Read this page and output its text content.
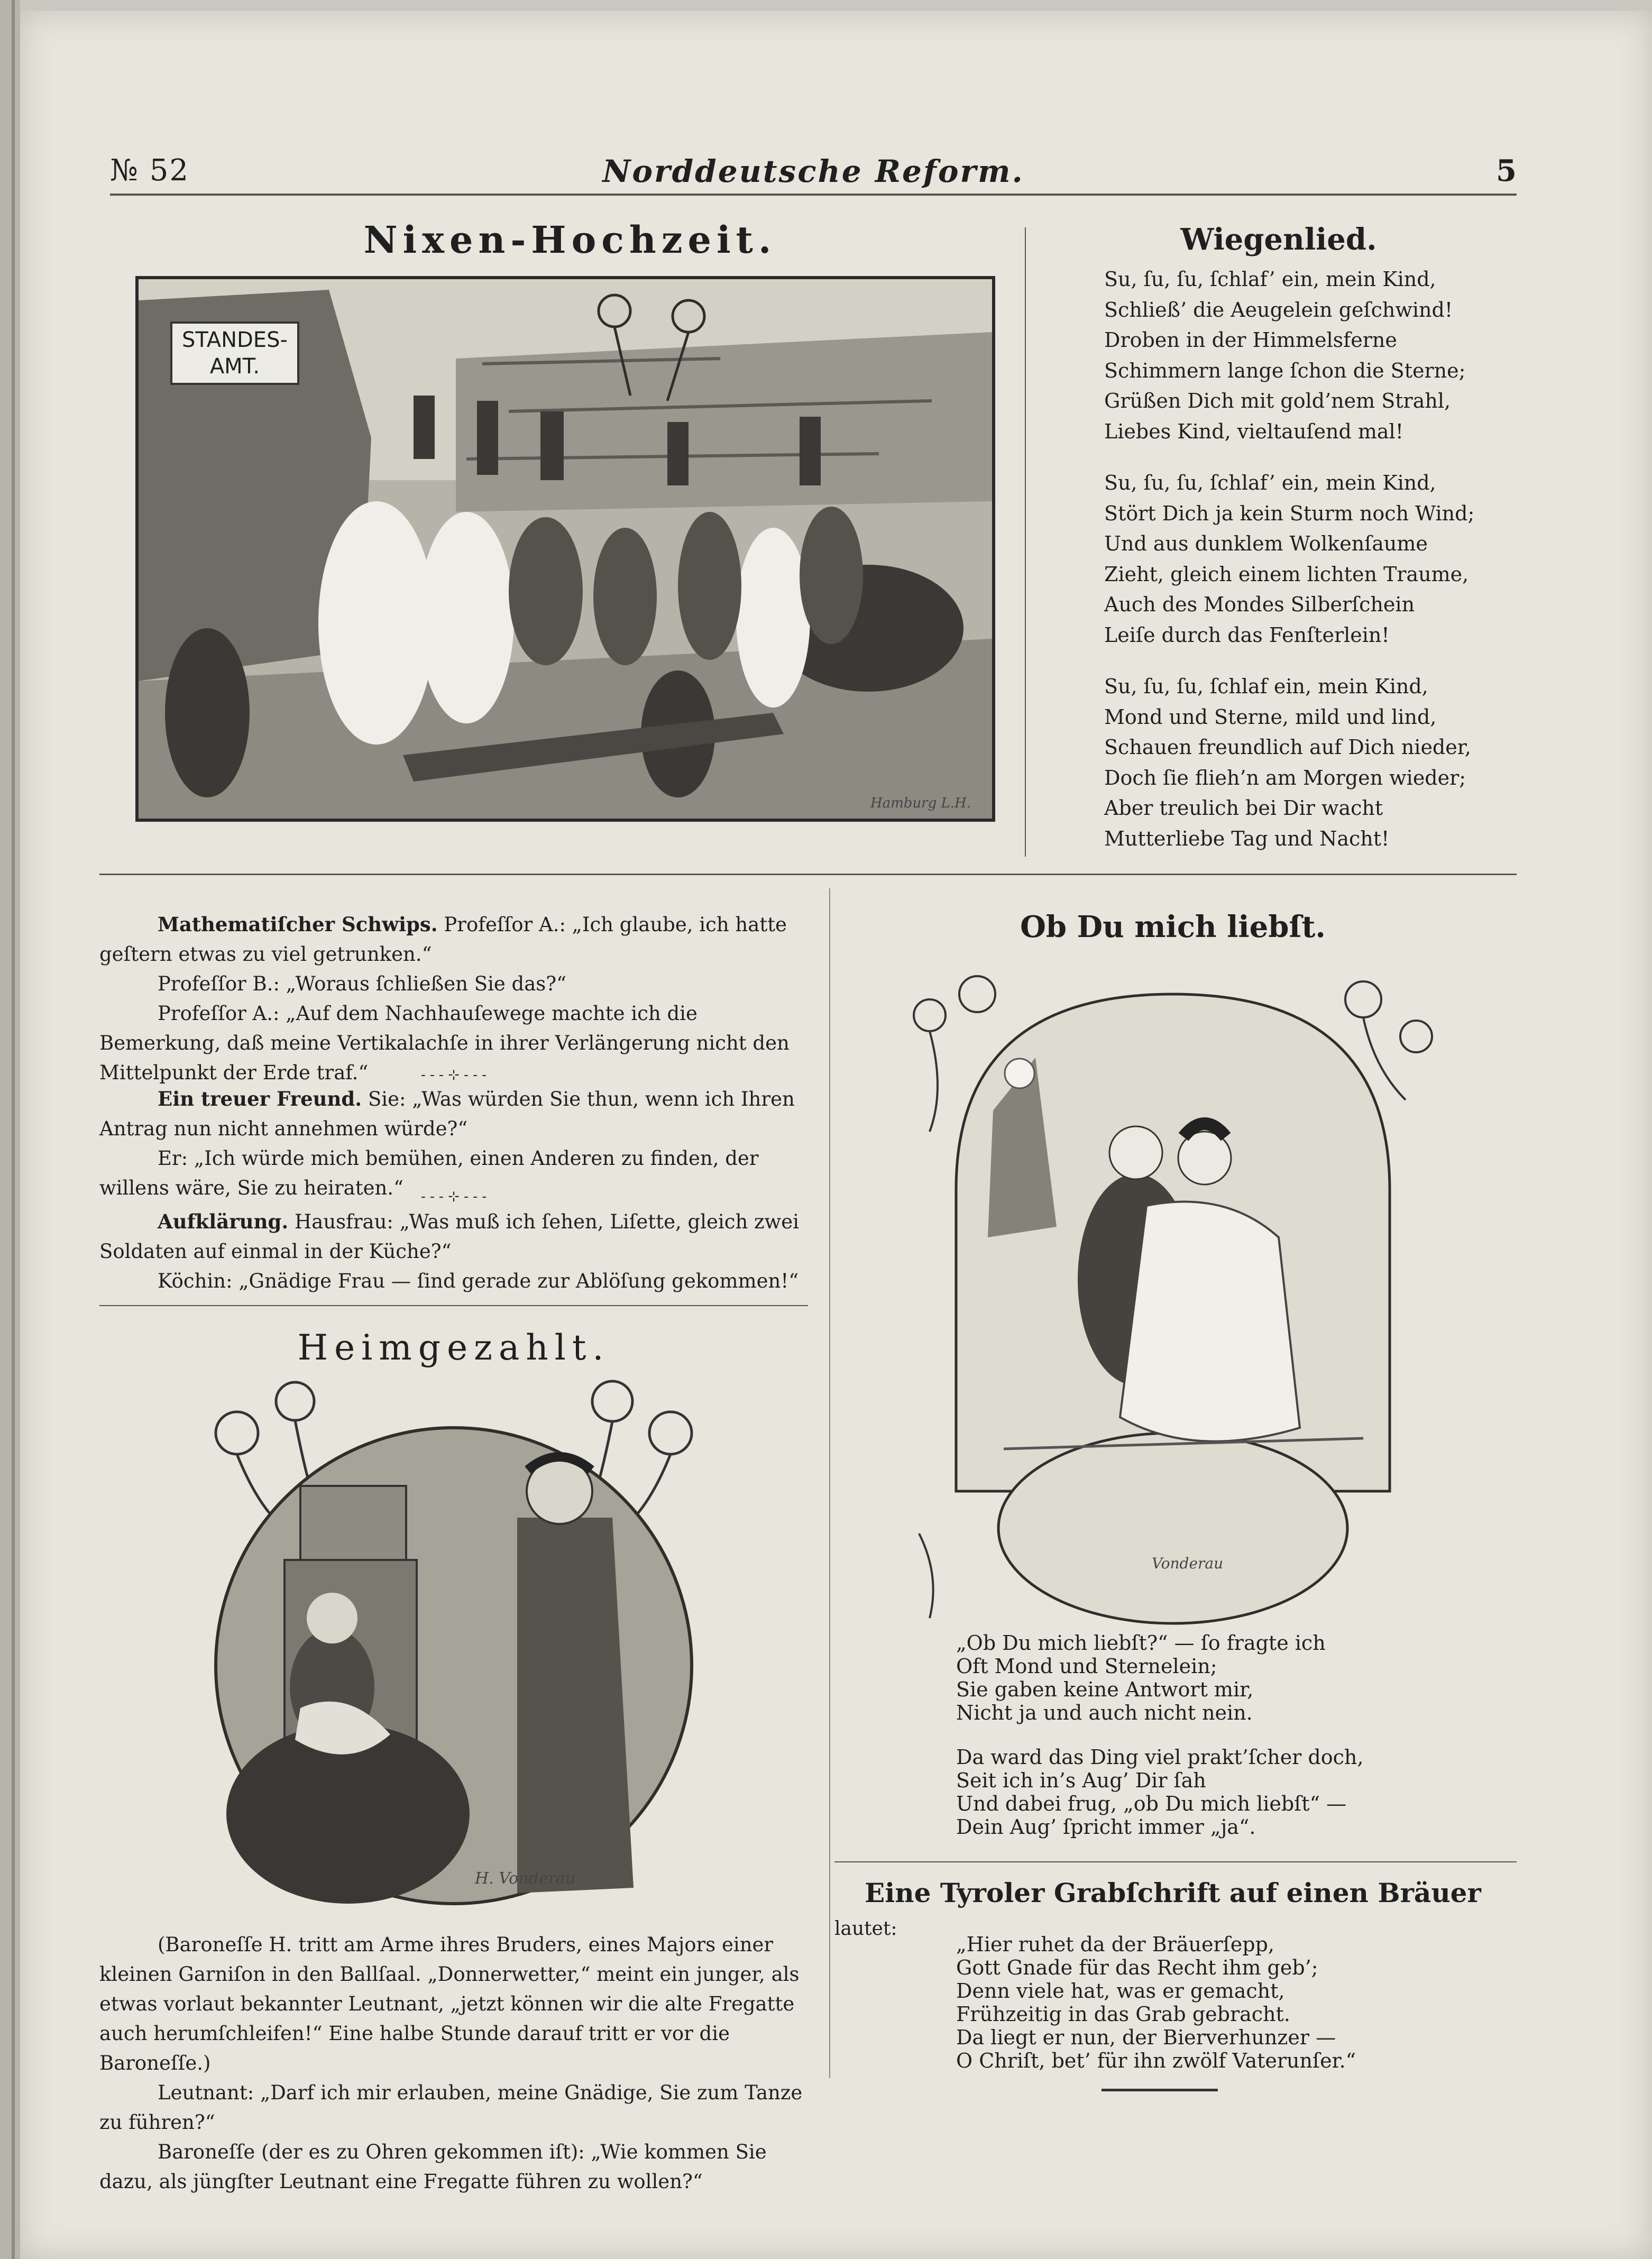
№ 52	Norddeutsche Reform.	5
Nixen-Hochzeit.
STANDES-
AMT.
Hamburg L.H.
Wiegenlied.
Su, ſu, ſu, ſchlaf’ ein, mein Kind,
Schließ’ die Aeugelein geſchwind!
Droben in der Himmelsferne
Schimmern lange ſchon die Sterne;
Grüßen Dich mit gold’nem Strahl,
Liebes Kind, vieltauſend mal!
Su, ſu, ſu, ſchlaf’ ein, mein Kind,
Stört Dich ja kein Sturm noch Wind;
Und aus dunklem Wolkenſaume
Zieht, gleich einem lichten Traume,
Auch des Mondes Silberſchein
Leiſe durch das Fenſterlein!
Su, ſu, ſu, ſchlaf ein, mein Kind,
Mond und Sterne, mild und lind,
Schauen freundlich auf Dich nieder,
Doch ſie flieh’n am Morgen wieder;
Aber treulich bei Dir wacht
Mutterliebe Tag und Nacht!

Mathematiſcher Schwips. Profeſſor A.: „Ich glaube, ich hatte geſtern etwas zu viel getrunken.“

Profeſſor B.: „Woraus ſchließen Sie das?“

Profeſſor A.: „Auf dem Nachhauſewege machte ich die Bemerkung, daß meine Vertikalachſe in ihrer Verlängerung nicht den Mittelpunkt der Erde traf.“	- - - ⊹ - - -

Ein treuer Freund. Sie: „Was würden Sie thun, wenn ich Ihren Antrag nun nicht annehmen würde?“

Er: „Ich würde mich bemühen, einen Anderen zu finden, der willens wäre, Sie zu heiraten.“	- - - ⊹ - - -

Aufklärung. Hausfrau: „Was muß ich ſehen, Liſette, gleich zwei Soldaten auf einmal in der Küche?“

Köchin: „Gnädige Frau — ſind gerade zur Ablöſung gekommen!“

Heimgezahlt.
H. Vonderau

(Baroneſſe H. tritt am Arme ihres Bruders, eines Majors einer kleinen Garniſon in den Ballſaal. „Donnerwetter,“ meint ein junger, als etwas vorlaut bekannter Leutnant, „jetzt können wir die alte Fregatte auch herumſchleifen!“ Eine halbe Stunde darauf tritt er vor die Baroneſſe.)

Leutnant: „Darf ich mir erlauben, meine Gnädige, Sie zum Tanze zu führen?“

Baroneſſe (der es zu Ohren gekommen iſt): „Wie kommen Sie dazu, als jüngſter Leutnant eine Fregatte führen zu wollen?“

Ob Du mich liebſt.
Vonderau
„Ob Du mich liebſt?“ — ſo fragte ich
Oft Mond und Sternelein;
Sie gaben keine Antwort mir,
Nicht ja und auch nicht nein.
Da ward das Ding viel prakt’ſcher doch,
Seit ich in’s Aug’ Dir ſah
Und dabei frug, „ob Du mich liebſt“ —
Dein Aug’ ſpricht immer „ja“.
Eine Tyroler Grabſchrift auf einen Bräuer
lautet:
„Hier ruhet da der Bräuerſepp,
Gott Gnade für das Recht ihm geb’;
Denn viele hat, was er gemacht,
Frühzeitig in das Grab gebracht.
Da liegt er nun, der Bierverhunzer —
O Chriſt, bet’ für ihn zwölf Vaterunſer.“
